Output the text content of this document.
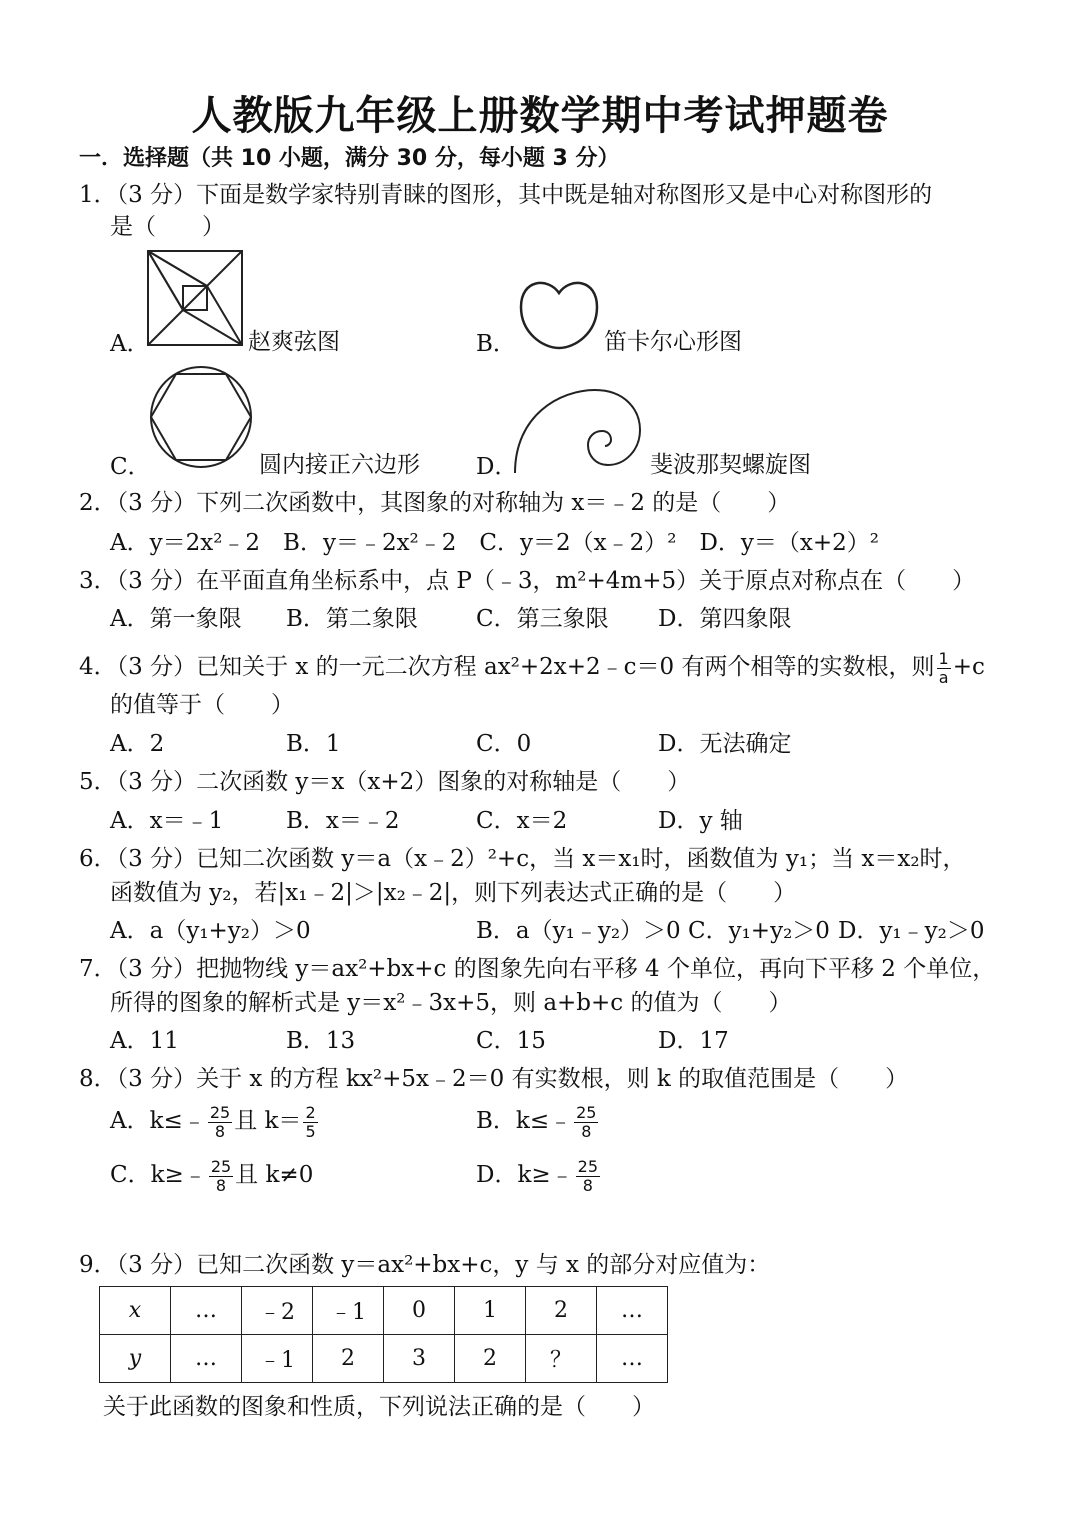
人教版九年级上册数学期中考试押题卷
一．选择题（共 10 小题，满分 30 分，每小题 3 分）
1．（3 分）下面是数学家特别青睐的图形，其中既是轴对称图形又是中心对称图形的
是（　　）
A．	赵爽弦图	B．	笛卡尔心形图
C．	圆内接正六边形 D．	斐波那契螺旋图
2．（3 分）下列二次函数中，其图象的对称轴为 x＝﹣2 的是（　　）
A．y＝2x²﹣2　B．y＝﹣2x²﹣2　C．y＝2（x﹣2）²　D．y＝（x+2）²
3．（3 分）在平面直角坐标系中，点 P（﹣3，m²+4m+5）关于原点对称点在（　　）
A．第一象限 B．第二象限	C．第三象限 D．第四象限
4．（3 分）已知关于 x 的一元二次方程 ax²+2x+2﹣c＝0 有两个相等的实数根，则 $\frac{1}{a} +c$
的值等于（　　）
A．2	B．1	C．0	D．无法确定
5．（3 分）二次函数 y＝x（x+2）图象的对称轴是（　　）
A．x＝﹣1	B．x＝﹣2	C．x＝2	D．y 轴
6．（3 分）已知二次函数 y＝a（x﹣2）²+c，当 x＝x₁时，函数值为 y₁；当 x＝x₂时，
函数值为 y₂，若|x₁﹣2|＞|x₂﹣2|，则下列表达式正确的是（　　）
A．a（y₁+y₂）＞0	B．a（y₁﹣y₂）＞0 C．y₁+y₂＞0 D．y₁﹣y₂＞0
7．（3 分）把抛物线 y＝ax²+bx+c 的图象先向右平移 4 个单位，再向下平移 2 个单位，
所得的图象的解析式是 y＝x²﹣3x+5，则 a+b+c 的值为（　　）
A．11	B．13	C．15	D．17
8．（3 分）关于 x 的方程 kx²+5x﹣2＝0 有实数根，则 k 的取值范围是（　　）
A．k≤﹣ $\frac{25}{8}$ 且 $k= \frac{2}{5}$	B．k≤﹣ $\frac{25}{8}$
C．k≥﹣ $\frac{25}{8}$ 且 k≠0	D．k≥﹣ $\frac{25}{8}$
9．（3 分）已知二次函数 y＝ax²+bx+c，y 与 x 的部分对应值为：
x	…	﹣2	﹣1	0	1	2	…
y	…	﹣1	2	3	2	？	…
关于此函数的图象和性质，下列说法正确的是（　　）
